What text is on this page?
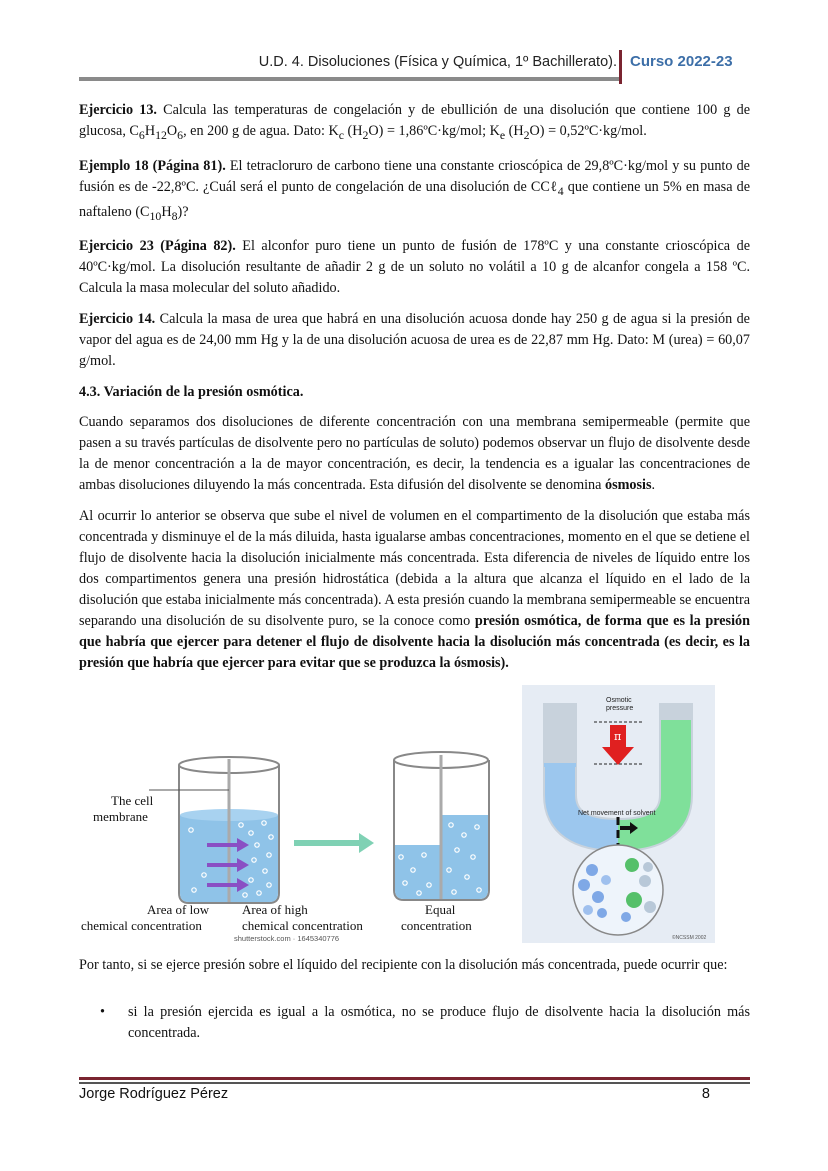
U.D. 4. Disoluciones (Física y Química, 1º Bachillerato). Curso 2022-23

Ejercicio 13. Calcula las temperaturas de congelación y de ebullición de una disolución que contiene 100 g de glucosa, $C_6H_{12}O_6$, en 200 g de agua. Dato: $K_c$ $(H_2O)$ = 1,86ºC·kg/mol; $K_e$ $(H_2O)$ = 0,52ºC·kg/mol.

Ejemplo 18 (Página 81). El tetracloruro de carbono tiene una constante crioscópica de 29,8ºC·kg/mol y su punto de fusión es de -22,8ºC. ¿Cuál será el punto de congelación de una disolución de CCℓ$_4$ que contiene un 5% en masa de naftaleno $(C_{10}H_8)$?

Ejercicio 23 (Página 82). El alconfor puro tiene un punto de fusión de 178ºC y una constante crioscópica de 40ºC·kg/mol. La disolución resultante de añadir 2 g de un soluto no volátil a 10 g de alcanfor congela a 158 ºC. Calcula la masa molecular del soluto añadido.

Ejercicio 14. Calcula la masa de urea que habrá en una disolución acuosa donde hay 250 g de agua si la presión de vapor del agua es de 24,00 mm Hg y la de una disolución acuosa de urea es de 22,87 mm Hg. Dato: M (urea) = 60,07 g/mol.

4.3. Variación de la presión osmótica.

Cuando separamos dos disoluciones de diferente concentración con una membrana semipermeable (permite que pasen a su través partículas de disolvente pero no partículas de soluto) podemos observar un flujo de disolvente desde la de menor concentración a la de mayor concentración, es decir, la tendencia es a igualar las concentraciones de ambas disoluciones diluyendo la más concentrada. Esta difusión del disolvente se denomina ósmosis.

Al ocurrir lo anterior se observa que sube el nivel de volumen en el compartimento de la disolución que estaba más concentrada y disminuye el de la más diluida, hasta igualarse ambas concentraciones, momento en el que se detiene el flujo de disolvente hacia la disolución inicialmente más concentrada. Esta diferencia de niveles de líquido entre los dos compartimentos genera una presión hidrostática (debida a la altura que alcanza el líquido en el lado de la disolución que estaba inicialmente más concentrada). A esta presión cuando la membrana semipermeable se encuentra separando una disolución de su disolvente puro, se la conoce como presión osmótica, de forma que es la presión que habría que ejercer para detener el flujo de disolvente hacia la disolución más concentrada (es decir, es la presión que habría que ejercer para evitar que se produzca la ósmosis).

The cell
membrane
Area of low
chemical concentration
Area of high
chemical concentration
shutterstock.com · 1645340776
Equal
concentration
π
Osmotic
pressure
Net movement of solvent
©NCSSM 2002
Por tanto, si se ejerce presión sobre el líquido del recipiente con la disolución más concentrada, puede ocurrir que:
• si la presión ejercida es igual a la osmótica, no se produce flujo de disolvente hacia la disolución más concentrada.
Jorge Rodríguez Pérez	8
